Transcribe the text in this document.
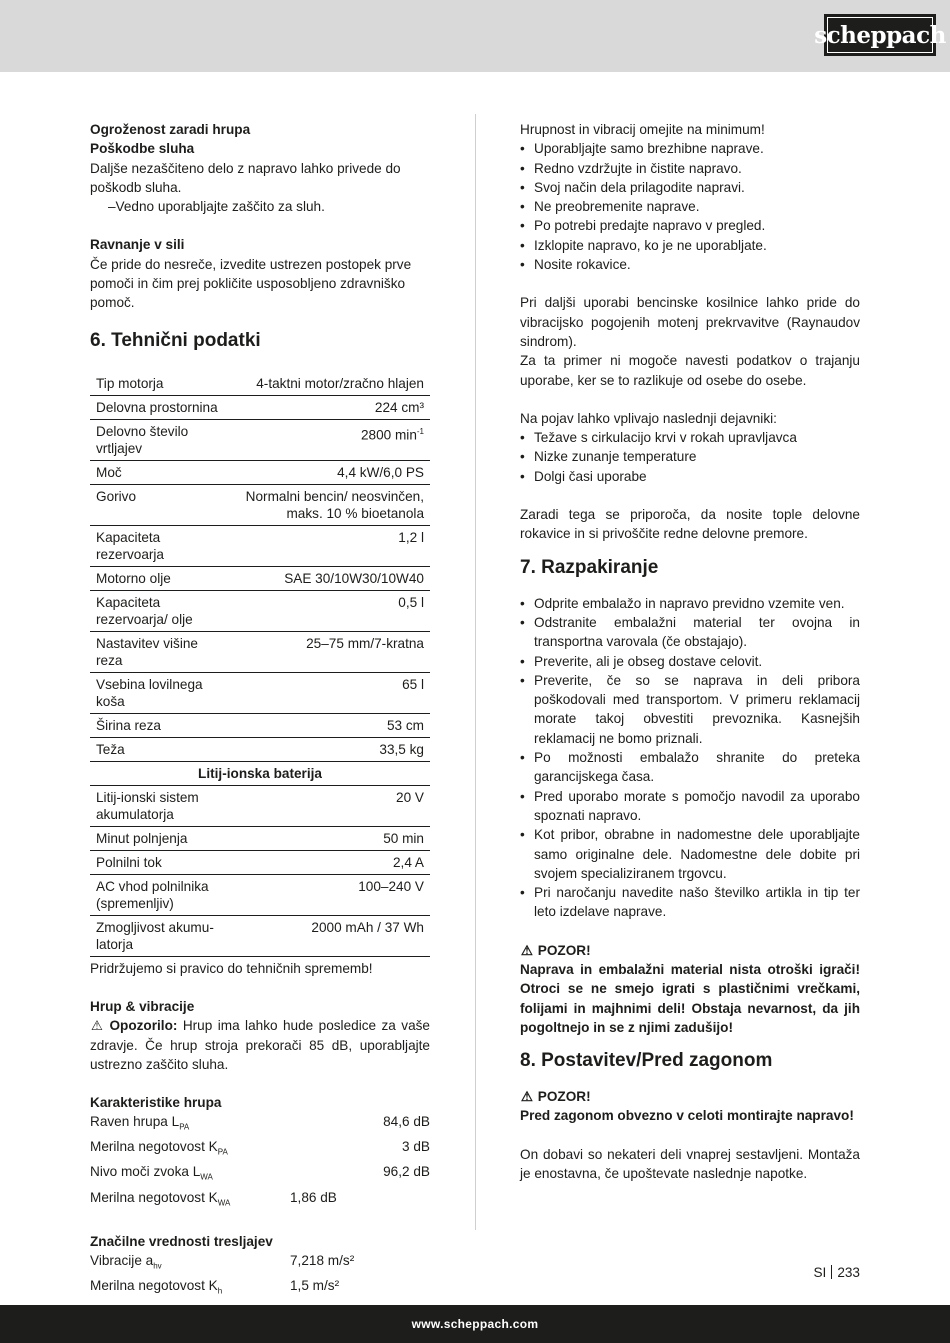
scheppach

Ogroženost zaradi hrupa

Poškodbe sluha

Daljše nezaščiteno delo z napravo lahko privede do poškodb sluha.

–Vedno uporabljajte zaščito za sluh.

Ravnanje v sili

Če pride do nesreče, izvedite ustrezen postopek prve pomoči in čim prej pokličite usposobljeno zdravniško pomoč.

6. Tehnični podatki
Tip motorja	4-taktni motor/zračno hlajen
Delovna prostornina	224 cm³
Delovno število vrtljajev	2800 $\min^{-1}$
Moč	4,4 kW/6,0 PS
Gorivo	Normalni bencin/ neosvinčen, maks. 10 % bioetanola
Kapaciteta rezervoarja	1,2 l
Motorno olje	SAE 30/10W30/10W40
Kapaciteta rezervoarja/ olje	0,5 l
Nastavitev višine reza	25–75 mm/7-kratna
Vsebina lovilnega koša	65 l
Širina reza	53 cm
Teža	33,5 kg
Litij-ionska baterija	
Litij-ionski sistem akumulatorja	20 V
Minut polnjenja	50 min
Polnilni tok	2,4 A
AC vhod polnilnika (spremenljiv)	100–240 V
Zmogljivost akumu-latorja	2000 mAh / 37 Wh

Pridržujemo si pravico do tehničnih sprememb!

Hrup & vibracije

⚠ Opozorilo: Hrup ima lahko hude posledice za vaše zdravje. Če hrup stroja prekorači 85 dB, uporabljajte ustrezno zaščito sluha.

Karakteristike hrupa

Raven hrupa $L_{PA}$	84,6 dB
Merilna negotovost $K_{PA}$	3 dB
Nivo moči zvoka $L_{WA}$	96,2 dB
Merilna negotovost $K_{WA}$	1,86 dB

Značilne vrednosti tresljajev

Vibracije $a_{hv}$	7,218 m/s²
Merilna negotovost $K_h$	1,5 m/s²

Hrupnost in vibracij omejite na minimum!

• Uporabljajte samo brezhibne naprave.
• Redno vzdržujte in čistite napravo.
• Svoj način dela prilagodite napravi.
• Ne preobremenite naprave.
• Po potrebi predajte napravo v pregled.
• Izklopite napravo, ko je ne uporabljate.
• Nosite rokavice.

Pri daljši uporabi bencinske kosilnice lahko pride do vibracijsko pogojenih motenj prekrvavitve (Raynaudov sindrom).

Za ta primer ni mogoče navesti podatkov o trajanju uporabe, ker se to razlikuje od osebe do osebe.

Na pojav lahko vplivajo naslednji dejavniki:

• Težave s cirkulacijo krvi v rokah upravljavca
• Nizke zunanje temperature
• Dolgi časi uporabe

Zaradi tega se priporoča, da nosite tople delovne rokavice in si privoščite redne delovne premore.

7. Razpakiranje
• Odprite embalažo in napravo previdno vzemite ven.
• Odstranite embalažni material ter ovojna in transportna varovala (če obstajajo).
• Preverite, ali je obseg dostave celovit.
• Preverite, če so se naprava in deli pribora poškodovali med transportom. V primeru reklamacij morate takoj obvestiti prevoznika. Kasnejših reklamacij ne bomo priznali.
• Po možnosti embalažo shranite do preteka garancijskega časa.
• Pred uporabo morate s pomočjo navodil za uporabo spoznati napravo.
• Kot pribor, obrabne in nadomestne dele uporabljajte samo originalne dele. Nadomestne dele dobite pri svojem specializiranem trgovcu.
• Pri naročanju navedite našo številko artikla in tip ter leto izdelave naprave.

⚠ POZOR!

Naprava in embalažni material nista otroški igrači! Otroci se ne smejo igrati s plastičnimi vrečkami, folijami in majhnimi deli! Obstaja nevarnost, da jih pogoltnejo in se z njimi zadušijo!

8. Postavitev/Pred zagonom

⚠ POZOR!

Pred zagonom obvezno v celoti montirajte napravo!

On dobavi so nekateri deli vnaprej sestavljeni. Montaža je enostavna, če upoštevate naslednje napotke.

SI 233
www.scheppach.com
